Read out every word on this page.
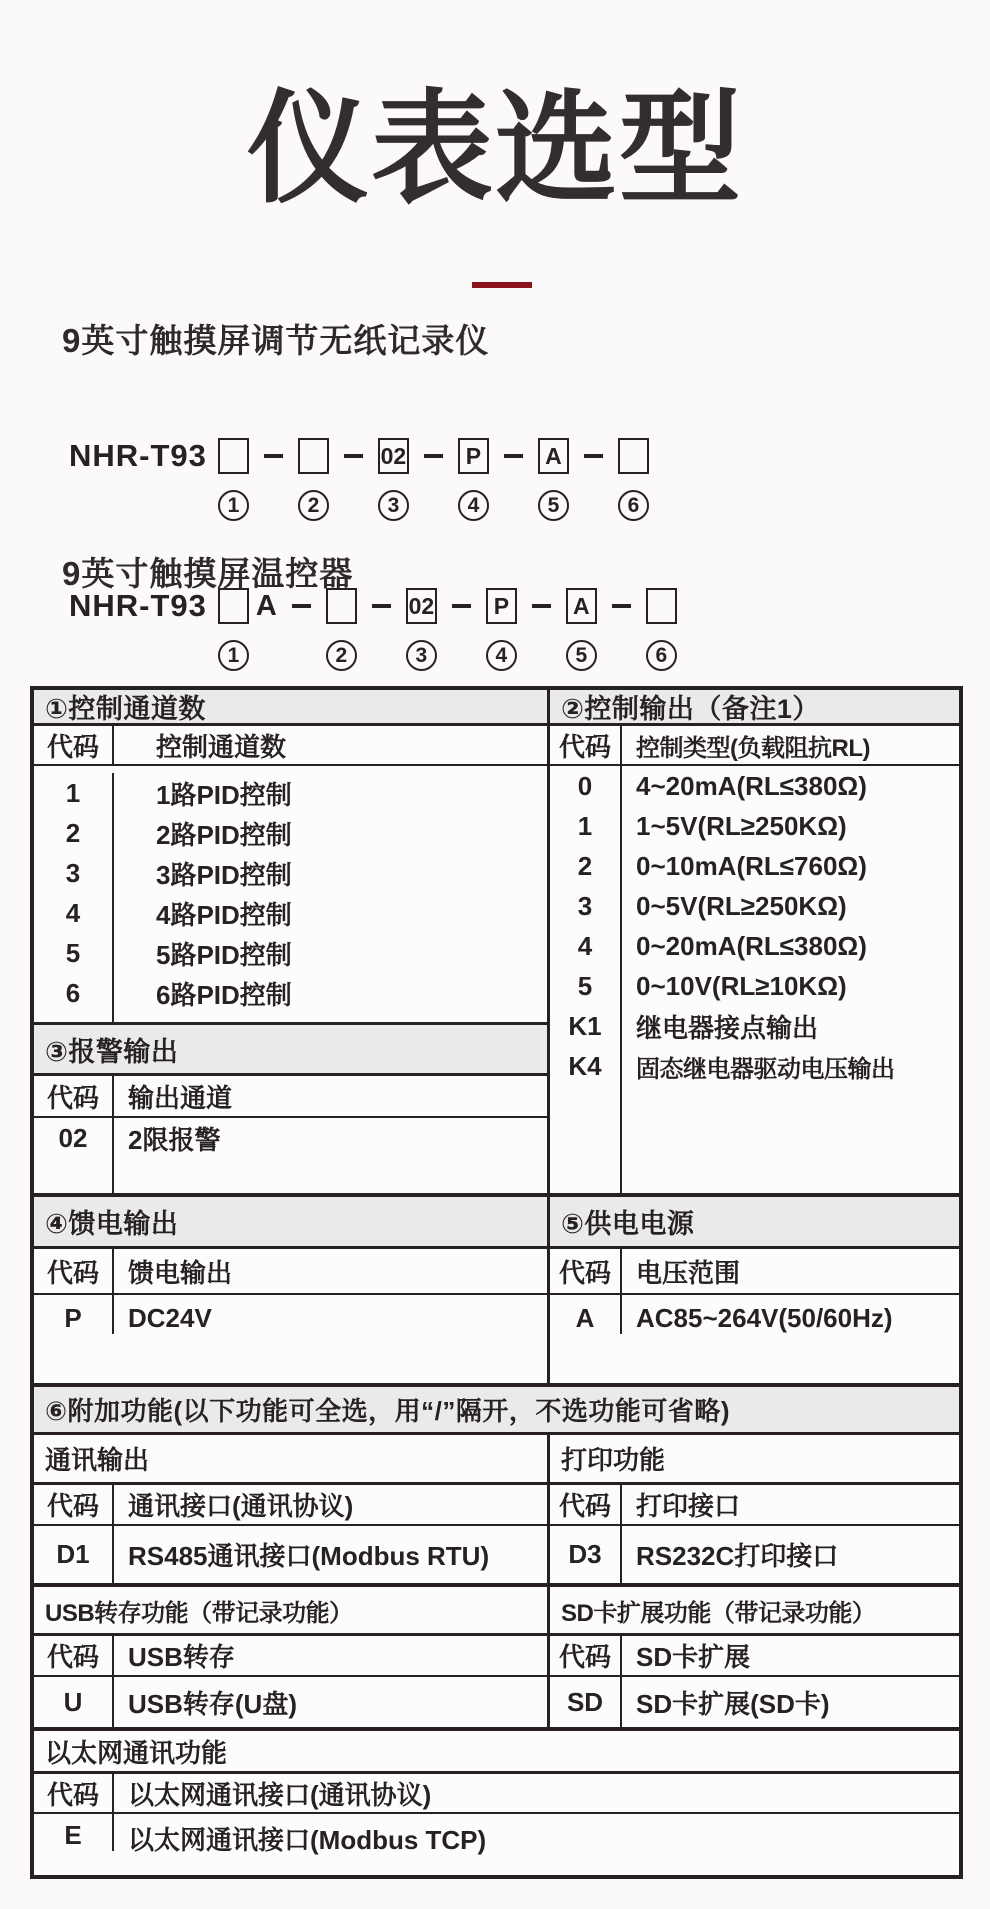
仪表选型
9英寸触摸屏调节无纸记录仪
NHR-T93
1	2
02
3
P
4
A
5	6
9英寸触摸屏温控器
NHR-T93
1
A
2
02
3
P
4
A
5	6
①控制通道数
代码	控制通道数
1	1路PID控制
2	2路PID控制
3	3路PID控制
4	4路PID控制
5	5路PID控制
6	6路PID控制
③报警输出
代码	输出通道
02	2限报警
②控制输出（备注1）
代码	控制类型(负载阻抗RL)
0	4~20mA(RL≤380Ω)
1	1~5V(RL≥250KΩ)
2	0~10mA(RL≤760Ω)
3	0~5V(RL≥250KΩ)
4	0~20mA(RL≤380Ω)
5	0~10V(RL≥10KΩ)
K1	继电器接点输出
K4	固态继电器驱动电压输出
④馈电输出
代码	馈电输出
P	DC24V
⑤供电电源
代码 电压范围
A	AC85~264V(50/60Hz)
⑥附加功能(以下功能可全选，用“/”隔开，不选功能可省略)
通讯输出
代码	通讯接口(通讯协议)
D1	RS485通讯接口(Modbus RTU)
打印功能
代码 打印接口
D3	RS232C打印接口
USB转存功能（带记录功能）
代码	USB转存
U	USB转存(U盘)
SD卡扩展功能（带记录功能）
代码 SD卡扩展
SD	SD卡扩展(SD卡)
以太网通讯功能
代码	以太网通讯接口(通讯协议)
E	以太网通讯接口(Modbus TCP)
